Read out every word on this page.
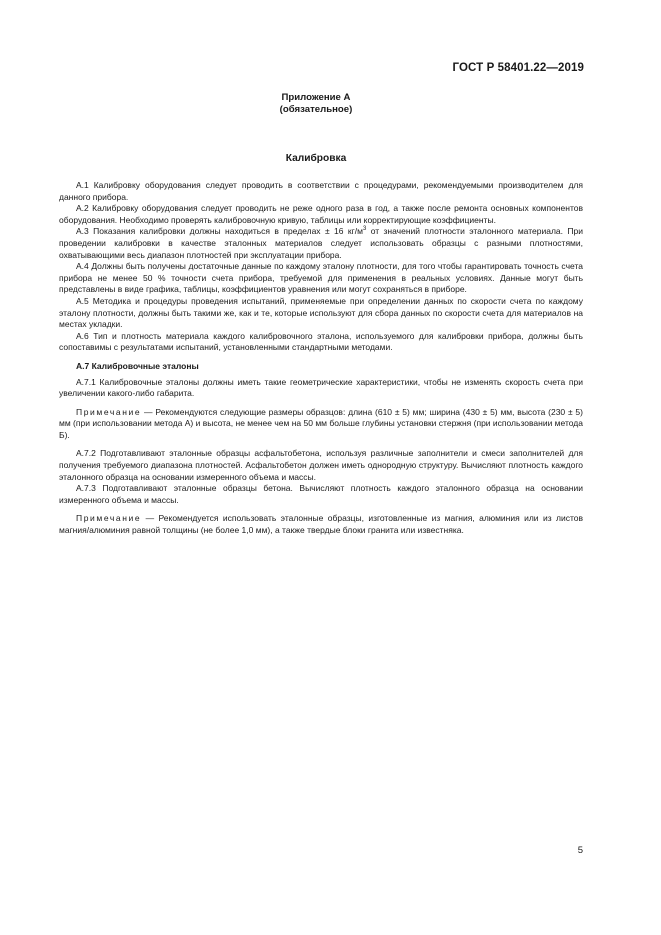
ГОСТ Р 58401.22—2019
Приложение А
(обязательное)
Калибровка

А.1 Калибровку оборудования следует проводить в соответствии с процедурами, рекомендуемыми производителем для данного прибора.

А.2 Калибровку оборудования следует проводить не реже одного раза в год, а также после ремонта основных компонентов оборудования. Необходимо проверять калибровочную кривую, таблицы или корректирующие коэффициенты.

А.3 Показания калибровки должны находиться в пределах ± 16 $кг/м^3$ от значений плотности эталонного материала. При проведении калибровки в качестве эталонных материалов следует использовать образцы с разными плотностями, охватывающими весь диапазон плотностей при эксплуатации прибора.

А.4 Должны быть получены достаточные данные по каждому эталону плотности, для того чтобы гарантировать точность счета прибора не менее 50 % точности счета прибора, требуемой для применения в реальных условиях. Данные могут быть представлены в виде графика, таблицы, коэффициентов уравнения или могут сохраняться в приборе.

А.5 Методика и процедуры проведения испытаний, применяемые при определении данных по скорости счета по каждому эталону плотности, должны быть такими же, как и те, которые используют для сбора данных по скорости счета для материалов на местах укладки.

А.6 Тип и плотность материала каждого калибровочного эталона, используемого для калибровки прибора, должны быть сопоставимы с результатами испытаний, установленными стандартными методами.

А.7 Калибровочные эталоны

А.7.1 Калибровочные эталоны должны иметь такие геометрические характеристики, чтобы не изменять скорость счета при увеличении какого-либо габарита.

Примечание — Рекомендуются следующие размеры образцов: длина (610 ± 5) мм; ширина (430 ± 5) мм, высота (230 ± 5) мм (при использовании метода А) и высота, не менее чем на 50 мм больше глубины установки стержня (при использовании метода Б).

А.7.2 Подготавливают эталонные образцы асфальтобетона, используя различные заполнители и смеси заполнителей для получения требуемого диапазона плотностей. Асфальтобетон должен иметь однородную структуру. Вычисляют плотность каждого эталонного образца на основании измеренного объема и массы.

А.7.3 Подготавливают эталонные образцы бетона. Вычисляют плотность каждого эталонного образца на основании измеренного объема и массы.

Примечание — Рекомендуется использовать эталонные образцы, изготовленные из магния, алюминия или из листов магния/алюминия равной толщины (не более 1,0 мм), а также твердые блоки гранита или известняка.

5
